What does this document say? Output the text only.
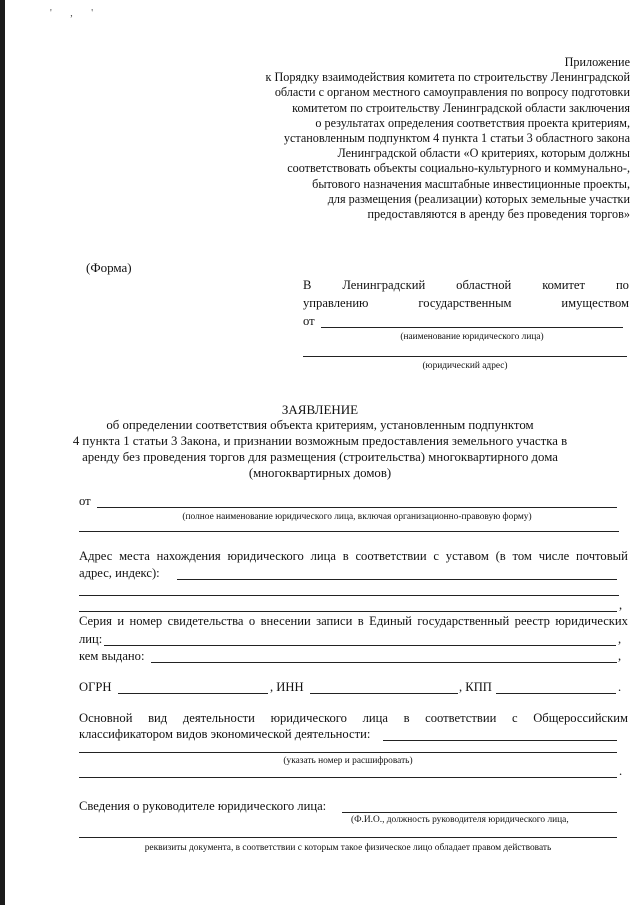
' , '
Приложение
к Порядку взаимодействия комитета по строительству Ленинградской
области с органом местного самоуправления по вопросу подготовки
комитетом по строительству Ленинградской области заключения
о результатах определения соответствия проекта критериям,
установленным подпунктом 4 пункта 1 статьи 3 областного закона
Ленинградской области «О критериях, которым должны
соответствовать объекты социально-культурного и коммунально-,
бытового назначения масштабные инвестиционные проекты,
для размещения (реализации) которых земельные участки
предоставляются в аренду без проведения торгов»
(Форма)
В Ленинградский областной комитет по
управлению	государственным	имуществом
от
(наименование юридического лица)
(юридический адрес)
ЗАЯВЛЕНИЕ
об определении соответствия объекта критериям, установленным подпунктом
4 пункта 1 статьи 3 Закона, и признании возможным предоставления земельного участка в
аренду без проведения торгов для размещения (строительства) многоквартирного дома
(многоквартирных домов)
от
(полное наименование юридического лица, включая организационно-правовую форму)
Адрес места нахождения юридического лица в соответствии с уставом (в том числе почтовый
адрес, индекс):
,
Серия и номер свидетельства о внесении записи в Единый государственный реестр юридических
лиц:	,
кем выдано:	,
ОГРН	, ИНН	, КПП	.
Основной вид деятельности юридического лица в соответствии с Общероссийским
классификатором видов экономической деятельности:
(указать номер и расшифровать)
.
Сведения о руководителе юридического лица:
(Ф.И.О., должность руководителя юридического лица,
реквизиты документа, в соответствии с которым такое физическое лицо обладает правом действовать
